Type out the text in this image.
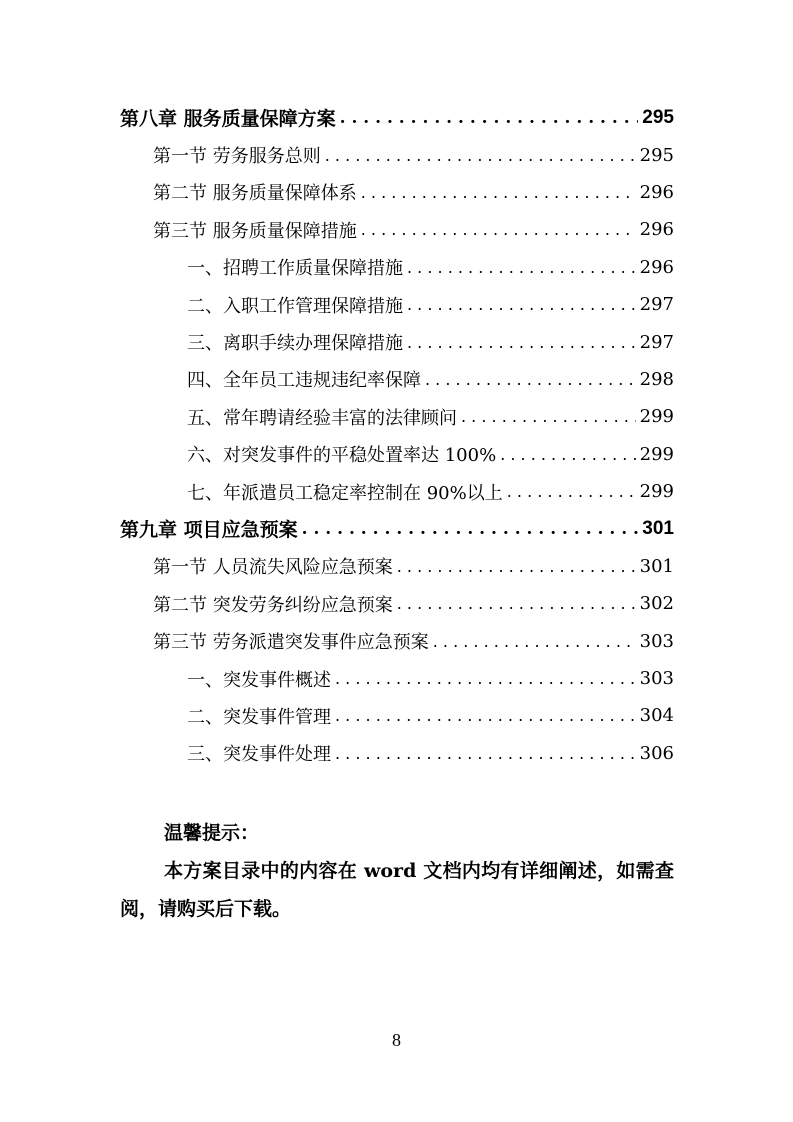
第八章 服务质量保障方案 . . .	295
第一节 劳务服务总则 . . .	295
第二节 服务质量保障体系 . . .	296
第三节 服务质量保障措施 . . .	296
一、招聘工作质量保障措施 . . .	296
二、入职工作管理保障措施 . . .	297
三、离职手续办理保障措施 . . .	297
四、全年员工违规违纪率保障 . . .	298
五、常年聘请经验丰富的法律顾问 . . .	299
六、对突发事件的平稳处置率达 100% . . .	299
七、年派遣员工稳定率控制在 90%以上 . . .	299
第九章 项目应急预案 . . .	301
第一节 人员流失风险应急预案 . . .	301
第二节 突发劳务纠纷应急预案 . . .	302
第三节 劳务派遣突发事件应急预案 . . .	303
一、突发事件概述 . . .	303
二、突发事件管理 . . .	304
三、突发事件处理 . . .	306
温馨提示：
本方案目录中的内容在 word 文档内均有详细阐述，如需查阅，请购买后下载。
8
